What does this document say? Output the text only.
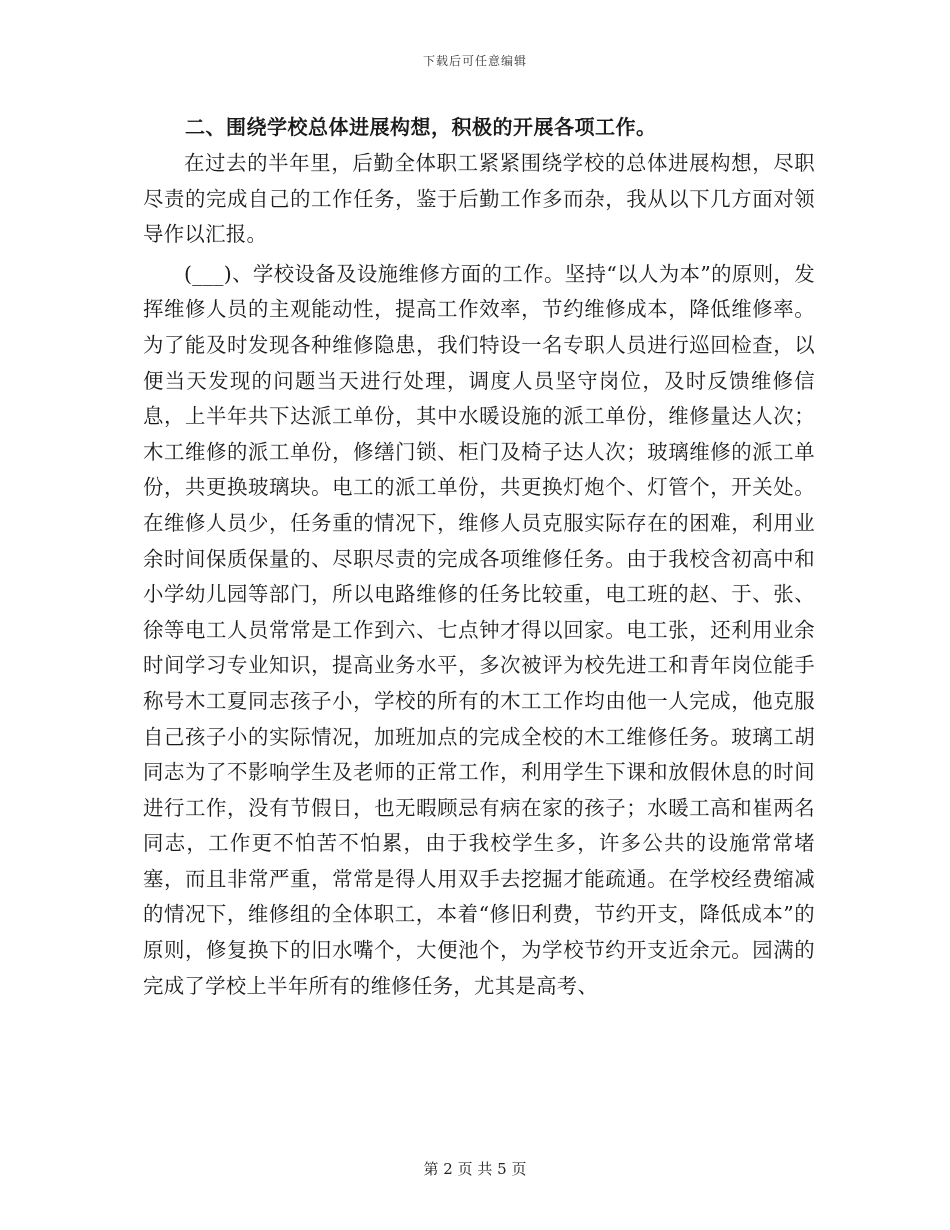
下载后可任意编辑

二、围绕学校总体进展构想，积极的开展各项工作。

在过去的半年里，后勤全体职工紧紧围绕学校的总体进展构想，尽职尽责的完成自己的工作任务，鉴于后勤工作多而杂，我从以下几方面对领导作以汇报。

(___)、学校设备及设施维修方面的工作。坚持“以人为本”的原则，发挥维修人员的主观能动性，提高工作效率，节约维修成本，降低维修率。为了能及时发现各种维修隐患，我们特设一名专职人员进行巡回检查，以便当天发现的问题当天进行处理，调度人员坚守岗位，及时反馈维修信息，上半年共下达派工单份，其中水暖设施的派工单份，维修量达人次；木工维修的派工单份，修缮门锁、柜门及椅子达人次；玻璃维修的派工单份，共更换玻璃块。电工的派工单份，共更换灯炮个、灯管个，开关处。在维修人员少，任务重的情况下，维修人员克服实际存在的困难，利用业余时间保质保量的、尽职尽责的完成各项维修任务。由于我校含初高中和小学幼儿园等部门，所以电路维修的任务比较重，电工班的赵、于、张、徐等电工人员常常是工作到六、七点钟才得以回家。电工张，还利用业余时间学习专业知识，提高业务水平，多次被评为校先进工和青年岗位能手称号木工夏同志孩子小，学校的所有的木工工作均由他一人完成，他克服自己孩子小的实际情况，加班加点的完成全校的木工维修任务。玻璃工胡同志为了不影响学生及老师的正常工作，利用学生下课和放假休息的时间进行工作，没有节假日，也无暇顾忌有病在家的孩子；水暖工高和崔两名同志，工作更不怕苦不怕累，由于我校学生多，许多公共的设施常常堵塞，而且非常严重，常常是得人用双手去挖掘才能疏通。在学校经费缩减的情况下，维修组的全体职工，本着“修旧利费，节约开支，降低成本”的原则，修复换下的旧水嘴个，大便池个，为学校节约开支近余元。园满的完成了学校上半年所有的维修任务，尤其是高考、

第 2 页 共 5 页
